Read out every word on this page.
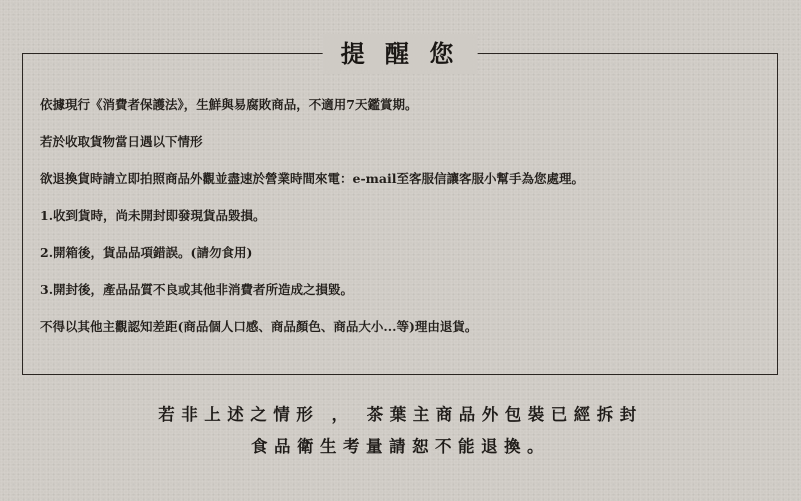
提 醒 您
依據現行《消費者保護法》，生鮮與易腐敗商品，不適用7天鑑賞期。
若於收取貨物當日遇以下情形
欲退換貨時請立即拍照商品外觀並盡速於營業時間來電：e-mail至客服信讓客服小幫手為您處理。
1.收到貨時，尚未開封即發現貨品毀損。
2.開箱後，貨品品項錯誤。(請勿食用)
3.開封後，產品品質不良或其他非消費者所造成之損毀。
不得以其他主觀認知差距(商品個人口感、商品顏色、商品大小...等)理由退貨。
若非上述之情形 ， 茶葉主商品外包裝已經拆封
食品衛生考量請恕不能退換。
